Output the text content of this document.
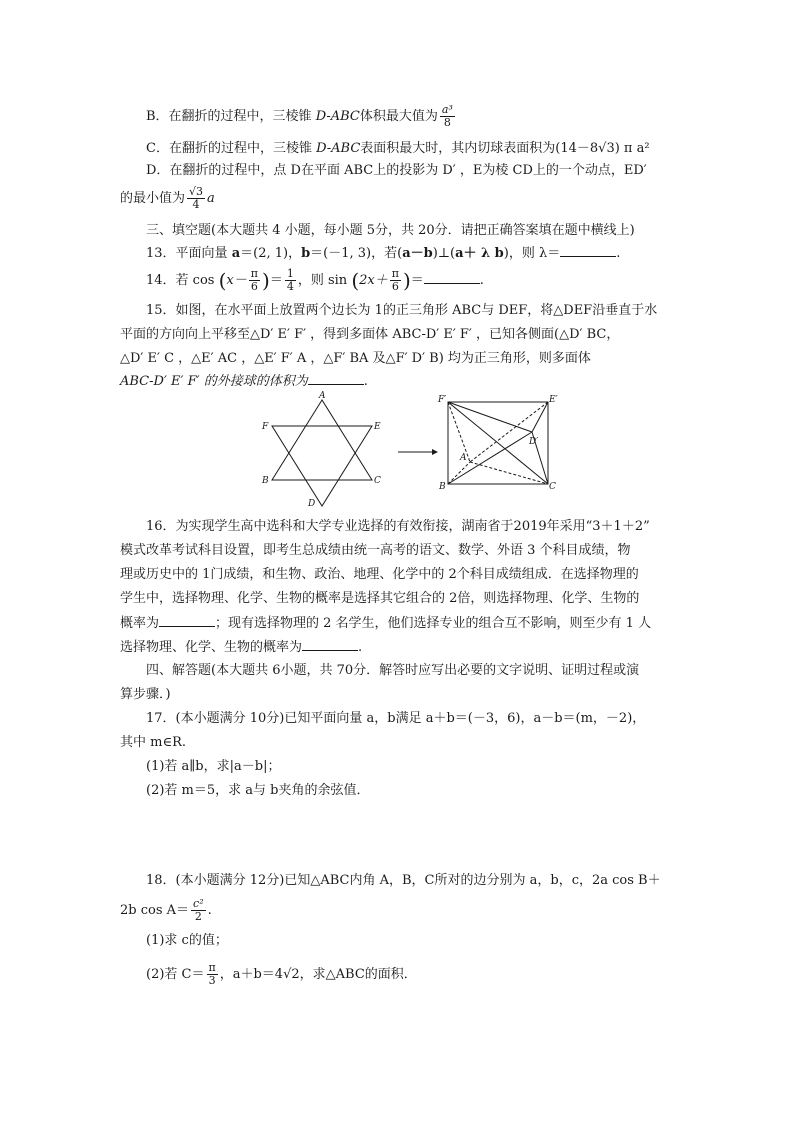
B．在翻折的过程中，三棱锥 D-ABC体积最大值为 $\frac{\text{a³}}{8}$
C．在翻折的过程中，三棱锥 D-ABC表面积最大时，其内切球表面积为(14－8√3) π a²
D．在翻折的过程中，点 D在平面 ABC上的投影为 D′ ，E为棱 CD上的一个动点，ED′
的最小值为 $\frac{√3}{4}$ a
三、填空题(本大题共 4 小题，每小题 5分，共 20分．请把正确答案填在题中横线上)
13．平面向量 a＝(2, 1)，b＝(－1, 3)，若(a－b)⊥(a＋ λ b)，则 λ＝	.
14．若 $\cos (x- \frac{\pi}{6}$ )＝ $\frac{1}{4}$ ，则 $\sin (2x+ \frac{\pi}{6}$ )＝	.
15．如图，在水平面上放置两个边长为 1的正三角形 ABC与 DEF，将△DEF沿垂直于水
平面的方向向上平移至△D′ E′ F′ ，得到多面体 ABC-D′ E′ F′ ，已知各侧面(△D′ BC，
△D′ E′ C ，△E′ AC ，△E′ F′ A ，△F′ BA 及△F′ D′ B) 均为正三角形，则多面体
ABC-D′ E′ F′ 的外接球的体积为	.
A
F	E
B	C
D
F′	E′
D′
A
B	C
16．为实现学生高中选科和大学专业选择的有效衔接，湖南省于2019年采用“3＋1＋2”
模式改革考试科目设置，即考生总成绩由统一高考的语文、数学、外语 3 个科目成绩，物
理或历史中的 1门成绩，和生物、政治、地理、化学中的 2个科目成绩组成．在选择物理的
学生中，选择物理、化学、生物的概率是选择其它组合的 2倍，则选择物理、化学、生物的
概率为	；现有选择物理的 2 名学生，他们选择专业的组合互不影响，则至少有 1 人
选择物理、化学、生物的概率为	.
四、解答题(本大题共 6小题，共 70分．解答时应写出必要的文字说明、证明过程或演
算步骤．)
17．(本小题满分 10分)已知平面向量 a，b满足 a＋b＝(－3，6)，a－b＝(m，－2)，
其中 m∈R.
(1)若 a∥b，求|a－b|；
(2)若 m＝5，求 a与 b夹角的余弦值．
18．(本小题满分 12分)已知△ABC内角 A，B，C所对的边分别为 a，b，c，2a cos B＋
2b $\cos A= \frac{\text{c²}}{2}$ .
(1)求 c的值；
(2)若 $C= \frac{\pi}{3}$ ，a＋b＝4√2，求△ABC的面积．
